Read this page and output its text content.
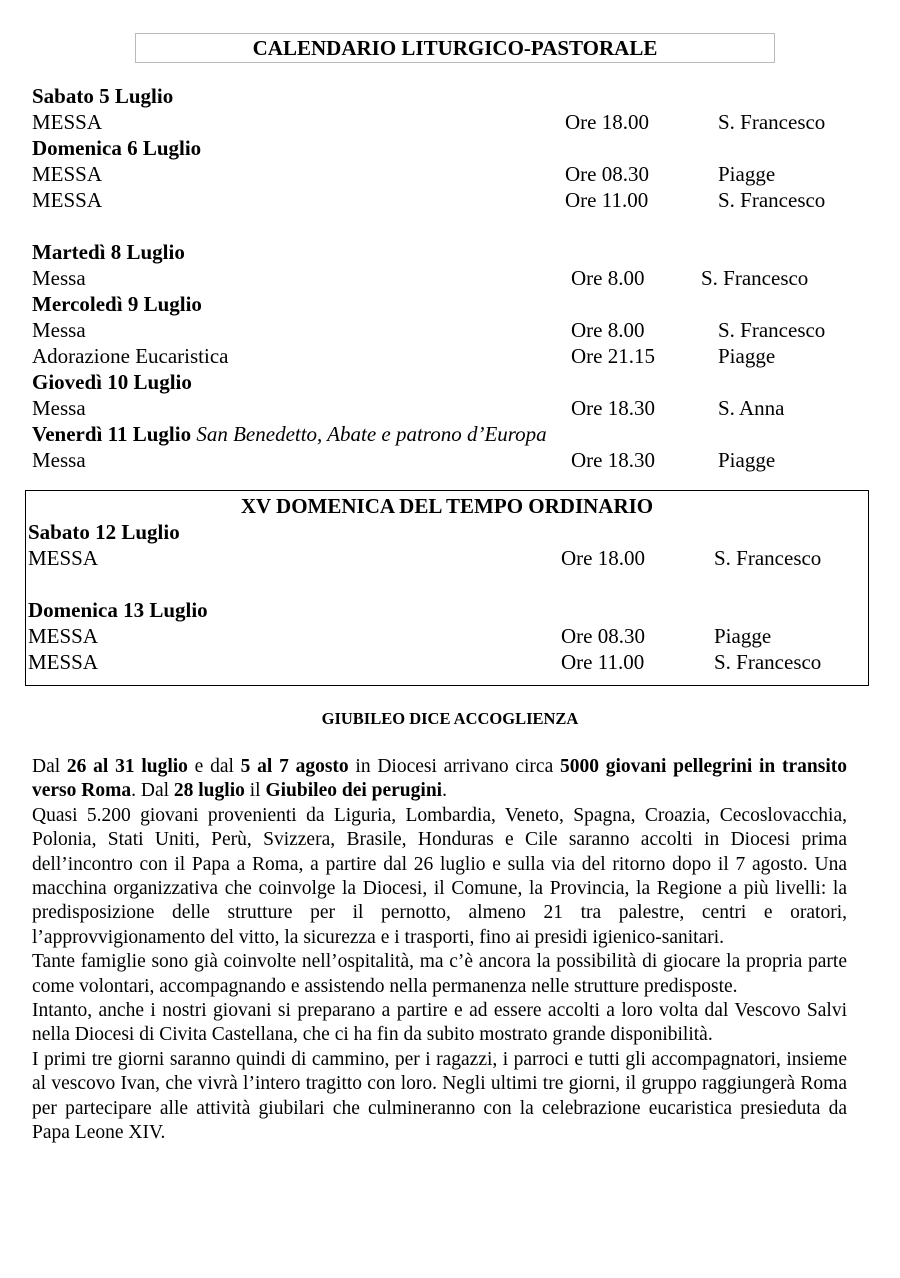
CALENDARIO LITURGICO-PASTORALE
Sabato 5 Luglio
MESSA	Ore 18.00	S. Francesco
Domenica 6 Luglio
MESSA	Ore 08.30	Piagge
MESSA	Ore 11.00	S. Francesco
Martedì 8 Luglio
Messa	Ore 8.00	S. Francesco
Mercoledì 9 Luglio
Messa	Ore 8.00	S. Francesco
Adorazione Eucaristica	Ore 21.15	Piagge
Giovedì 10 Luglio
Messa	Ore 18.30	S. Anna
Venerdì 11 Luglio San Benedetto, Abate e patrono d’Europa
Messa	Ore 18.30	Piagge
XV DOMENICA DEL TEMPO ORDINARIO
Sabato 12 Luglio
MESSA	Ore 18.00	S. Francesco
Domenica 13 Luglio
MESSA	Ore 08.30	Piagge
MESSA	Ore 11.00	S. Francesco
GIUBILEO DICE ACCOGLIENZA

Dal 26 al 31 luglio e dal 5 al 7 agosto in Diocesi arrivano circa 5000 giovani pellegrini in transito verso Roma. Dal 28 luglio il Giubileo dei perugini.

Quasi 5.200 giovani provenienti da Liguria, Lombardia, Veneto, Spagna, Croazia, Cecoslovacchia, Polonia, Stati Uniti, Perù, Svizzera, Brasile, Honduras e Cile saranno accolti in Diocesi prima dell’incontro con il Papa a Roma, a partire dal 26 luglio e sulla via del ritorno dopo il 7 agosto. Una macchina organizzativa che coinvolge la Diocesi, il Comune, la Provincia, la Regione a più livelli: la predisposizione delle strutture per il pernotto, almeno 21 tra palestre, centri e oratori, l’approvvigionamento del vitto, la sicurezza e i trasporti, fino ai presidi igienico-sanitari.

Tante famiglie sono già coinvolte nell’ospitalità, ma c’è ancora la possibilità di giocare la propria parte come volontari, accompagnando e assistendo nella permanenza nelle strutture predisposte.

Intanto, anche i nostri giovani si preparano a partire e ad essere accolti a loro volta dal Vescovo Salvi nella Diocesi di Civita Castellana, che ci ha fin da subito mostrato grande disponibilità.

I primi tre giorni saranno quindi di cammino, per i ragazzi, i parroci e tutti gli accompagnatori, insieme al vescovo Ivan, che vivrà l’intero tragitto con loro. Negli ultimi tre giorni, il gruppo raggiungerà Roma per partecipare alle attività giubilari che culmineranno con la celebrazione eucaristica presieduta da Papa Leone XIV.
